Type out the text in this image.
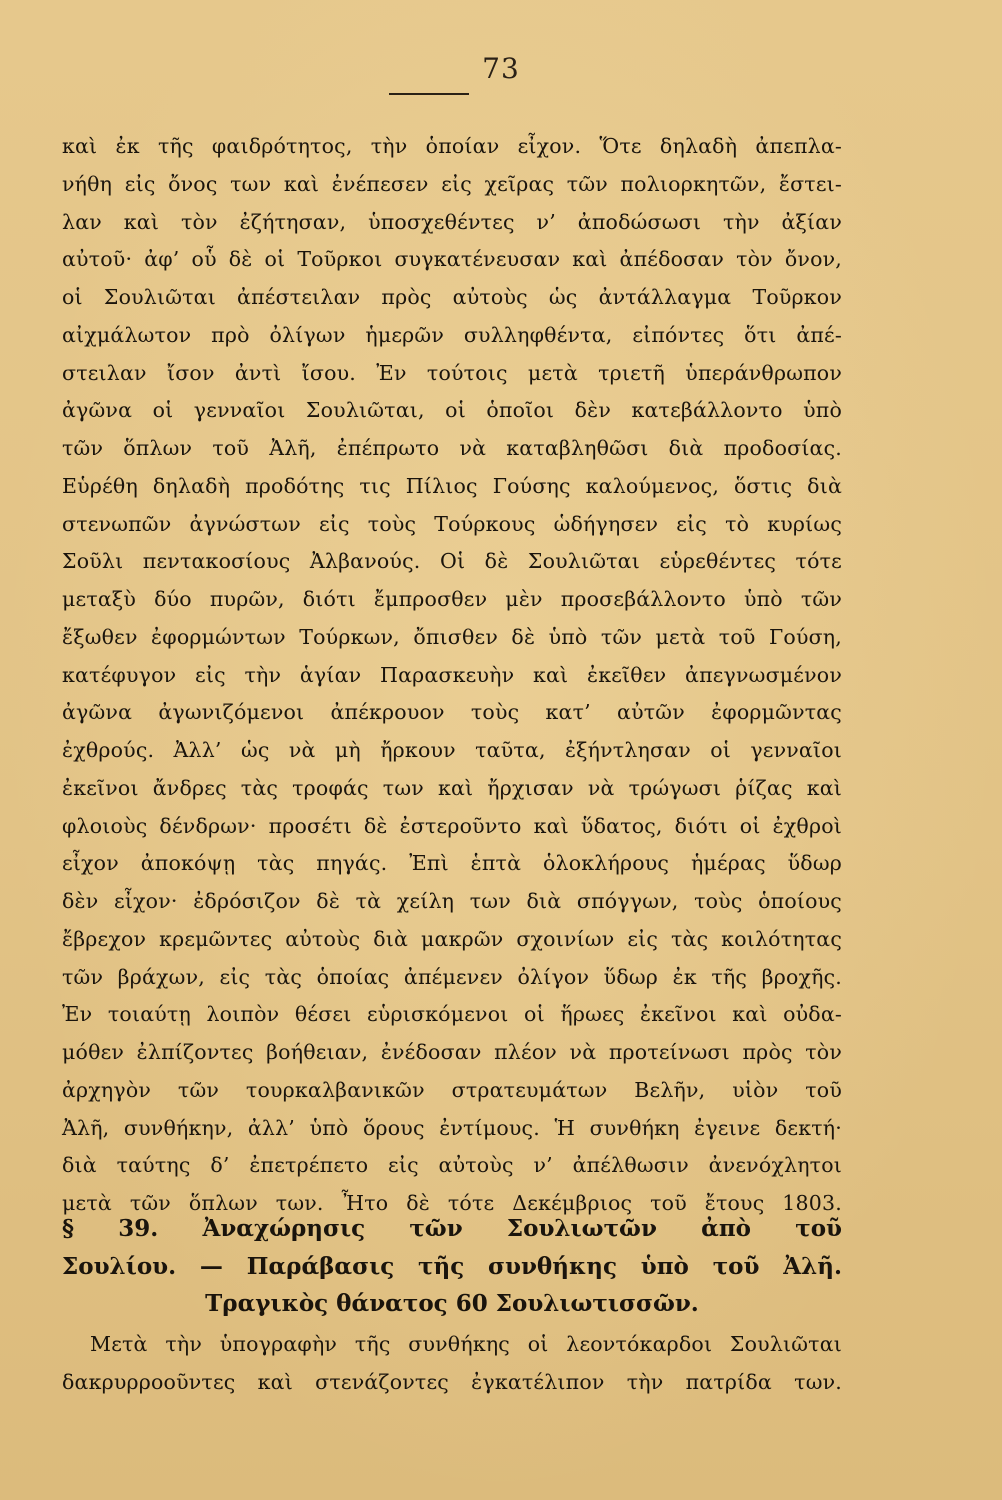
73
καὶ ἐκ τῆς φαιδρότητος, τὴν ὁποίαν εἶχον. Ὅτε δηλαδὴ ἀπεπλα-
νήθη εἰς ὄνος των καὶ ἐνέπεσεν εἰς χεῖρας τῶν πολιορκητῶν, ἔστει-
λαν καὶ τὸν ἐζήτησαν, ὑποσχεθέντες ν’ ἀποδώσωσι τὴν ἀξίαν
αὐτοῦ· ἀφ’ οὗ δὲ οἱ Τοῦρκοι συγκατένευσαν καὶ ἀπέδοσαν τὸν ὄνον,
οἱ Σουλιῶται ἀπέστειλαν πρὸς αὐτοὺς ὡς ἀντάλλαγμα Τοῦρκον
αἰχμάλωτον πρὸ ὀλίγων ἡμερῶν συλληφθέντα, εἰπόντες ὅτι ἀπέ-
στειλαν ἴσον ἀντὶ ἴσου. Ἐν τούτοις μετὰ τριετῆ ὑπεράνθρωπον
ἀγῶνα οἱ γενναῖοι Σουλιῶται, οἱ ὁποῖοι δὲν κατεβάλλοντο ὑπὸ
τῶν ὅπλων τοῦ Ἀλῆ, ἐπέπρωτο νὰ καταβληθῶσι διὰ προδοσίας.
Εὑρέθη δηλαδὴ προδότης τις Πίλιος Γούσης καλούμενος, ὅστις διὰ
στενωπῶν ἀγνώστων εἰς τοὺς Τούρκους ὡδήγησεν εἰς τὸ κυρίως
Σοῦλι πεντακοσίους Ἀλβανούς. Οἱ δὲ Σουλιῶται εὑρεθέντες τότε
μεταξὺ δύο πυρῶν, διότι ἔμπροσθεν μὲν προσεβάλλοντο ὑπὸ τῶν
ἔξωθεν ἐφορμώντων Τούρκων, ὄπισθεν δὲ ὑπὸ τῶν μετὰ τοῦ Γούση,
κατέφυγον εἰς τὴν ἁγίαν Παρασκευὴν καὶ ἐκεῖθεν ἀπεγνωσμένον
ἀγῶνα ἀγωνιζόμενοι ἀπέκρουον τοὺς κατ’ αὐτῶν ἐφορμῶντας
ἐχθρούς. Ἀλλ’ ὡς νὰ μὴ ἤρκουν ταῦτα, ἐξήντλησαν οἱ γενναῖοι
ἐκεῖνοι ἄνδρες τὰς τροφάς των καὶ ἤρχισαν νὰ τρώγωσι ῥίζας καὶ
φλοιοὺς δένδρων· προσέτι δὲ ἐστεροῦντο καὶ ὕδατος, διότι οἱ ἐχθροὶ
εἶχον ἀποκόψῃ τὰς πηγάς. Ἐπὶ ἑπτὰ ὁλοκλήρους ἡμέρας ὕδωρ
δὲν εἶχον· ἐδρόσιζον δὲ τὰ χείλη των διὰ σπόγγων, τοὺς ὁποίους
ἔβρεχον κρεμῶντες αὐτοὺς διὰ μακρῶν σχοινίων εἰς τὰς κοιλότητας
τῶν βράχων, εἰς τὰς ὁποίας ἀπέμενεν ὀλίγον ὕδωρ ἐκ τῆς βροχῆς.
Ἐν τοιαύτῃ λοιπὸν θέσει εὑρισκόμενοι οἱ ἥρωες ἐκεῖνοι καὶ οὐδα-
μόθεν ἐλπίζοντες βοήθειαν, ἐνέδοσαν πλέον νὰ προτείνωσι πρὸς τὸν
ἀρχηγὸν τῶν τουρκαλβανικῶν στρατευμάτων Βελῆν, υἱὸν τοῦ
Ἀλῆ, συνθήκην, ἀλλ’ ὑπὸ ὅρους ἐντίμους. Ἡ συνθήκη ἐγεινε δεκτή·
διὰ ταύτης δ’ ἐπετρέπετο εἰς αὐτοὺς ν’ ἀπέλθωσιν ἀνενόχλητοι
μετὰ τῶν ὅπλων των. Ἦτο δὲ τότε Δεκέμβριος τοῦ ἔτους 1803.
§ 39. Ἀναχώρησις τῶν Σουλιωτῶν ἀπὸ τοῦ
Σουλίου. — Παράβασις τῆς συνθήκης ὑπὸ τοῦ Ἀλῆ.
Τραγικὸς θάνατος 60 Σουλιωτισσῶν.
Μετὰ τὴν ὑπογραφὴν τῆς συνθήκης οἱ λεοντόκαρδοι Σουλιῶται
δακρυρροοῦντες καὶ στενάζοντες ἐγκατέλιπον τὴν πατρίδα των.
